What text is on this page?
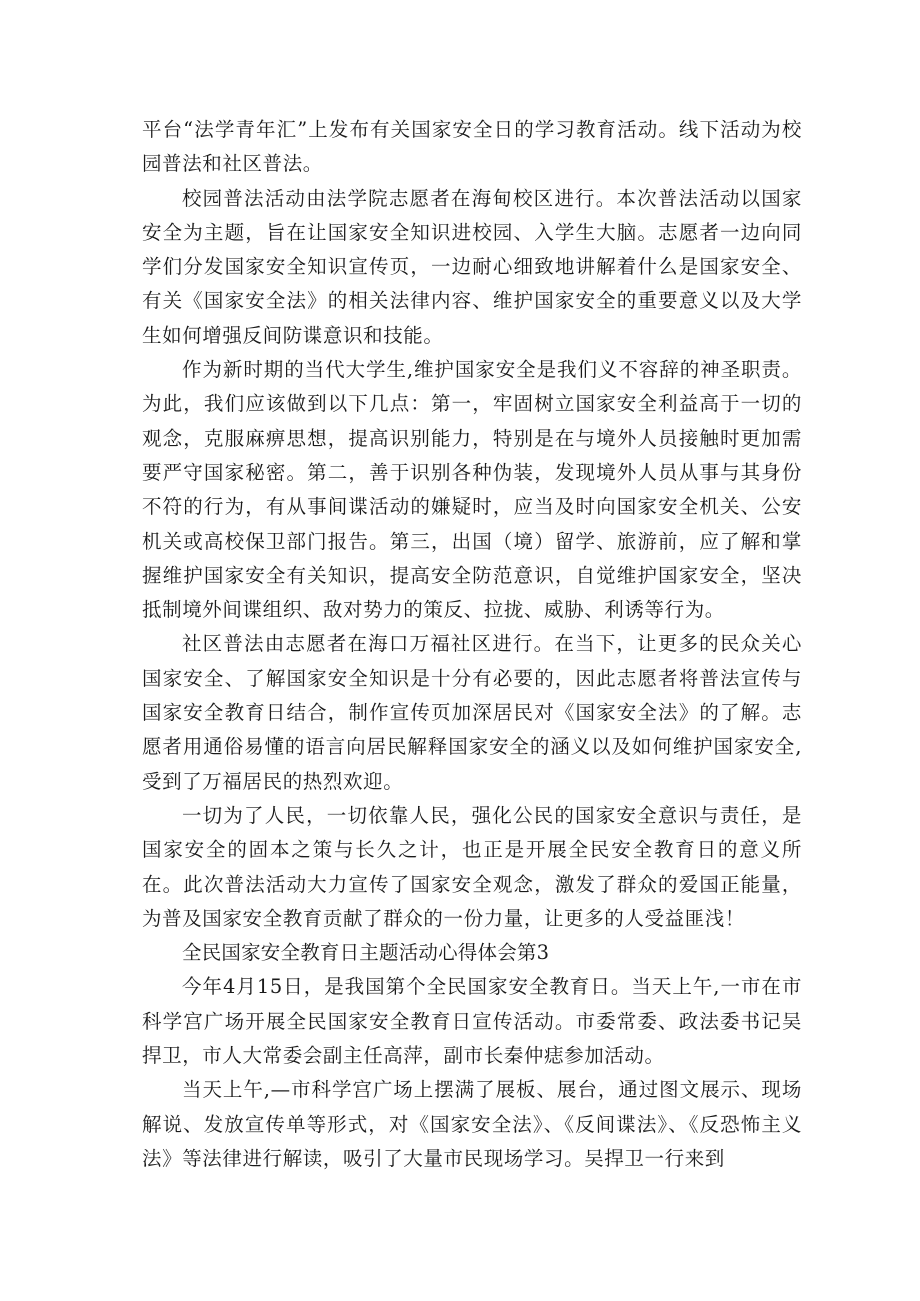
平台“法学青年汇”上发布有关国家安全日的学习教育活动。线下活动为校园普法和社区普法。

校园普法活动由法学院志愿者在海甸校区进行。本次普法活动以国家安全为主题，旨在让国家安全知识进校园、入学生大脑。志愿者一边向同学们分发国家安全知识宣传页，一边耐心细致地讲解着什么是国家安全、有关《国家安全法》的相关法律内容、维护国家安全的重要意义以及大学生如何增强反间防谍意识和技能。

作为新时期的当代大学生,维护国家安全是我们义不容辞的神圣职责。为此，我们应该做到以下几点：第一，牢固树立国家安全利益高于一切的观念，克服麻痹思想，提高识别能力，特别是在与境外人员接触时更加需要严守国家秘密。第二，善于识别各种伪装，发现境外人员从事与其身份不符的行为，有从事间谍活动的嫌疑时，应当及时向国家安全机关、公安机关或高校保卫部门报告。第三，出国（境）留学、旅游前，应了解和掌握维护国家安全有关知识，提高安全防范意识，自觉维护国家安全，坚决抵制境外间谍组织、敌对势力的策反、拉拢、威胁、利诱等行为。

社区普法由志愿者在海口万福社区进行。在当下，让更多的民众关心国家安全、了解国家安全知识是十分有必要的，因此志愿者将普法宣传与国家安全教育日结合，制作宣传页加深居民对《国家安全法》的了解。志愿者用通俗易懂的语言向居民解释国家安全的涵义以及如何维护国家安全,受到了万福居民的热烈欢迎。

一切为了人民，一切依靠人民，强化公民的国家安全意识与责任，是国家安全的固本之策与长久之计，也正是开展全民安全教育日的意义所在。此次普法活动大力宣传了国家安全观念，激发了群众的爱国正能量，为普及国家安全教育贡献了群众的一份力量，让更多的人受益匪浅！

全民国家安全教育日主题活动心得体会第3

今年4月15日，是我国第个全民国家安全教育日。当天上午,一市在市科学宫广场开展全民国家安全教育日宣传活动。市委常委、政法委书记吴捍卫，市人大常委会副主任高萍，副市长秦仲痣参加活动。

当天上午,—市科学宫广场上摆满了展板、展台，通过图文展示、现场解说、发放宣传单等形式，对《国家安全法》、《反间谍法》、《反恐怖主义法》等法律进行解读，吸引了大量市民现场学习。吴捍卫一行来到
